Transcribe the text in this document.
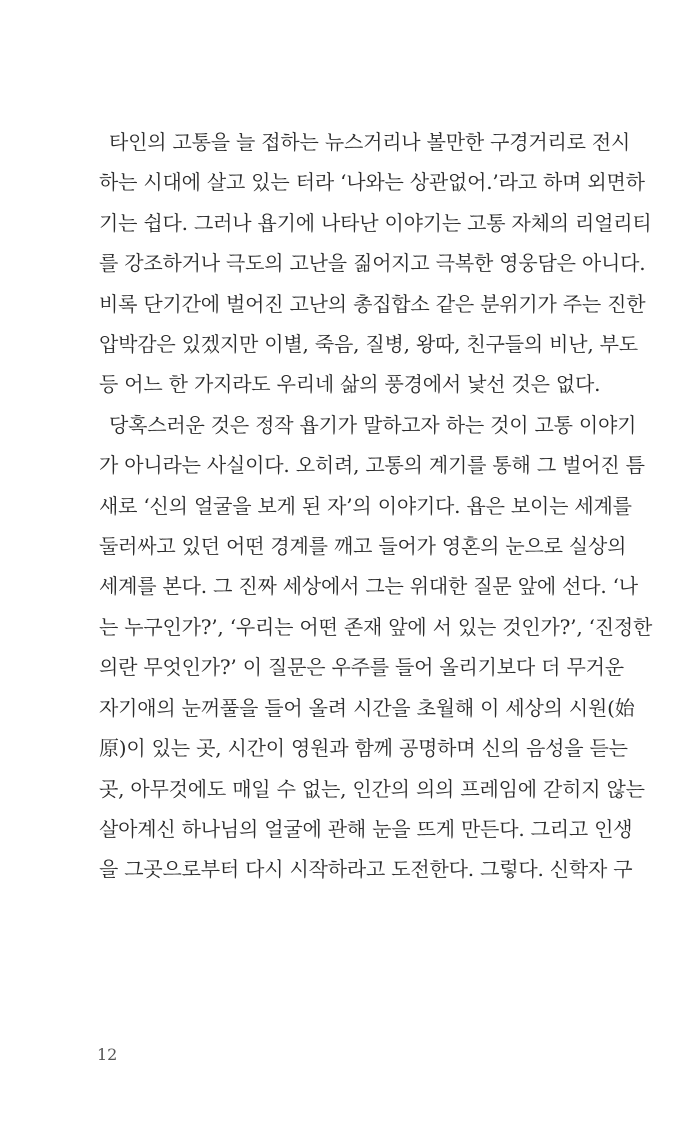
타인의 고통을 늘 접하는 뉴스거리나 볼만한 구경거리로 전시
하는 시대에 살고 있는 터라 ‘나와는 상관없어.’라고 하며 외면하
기는 쉽다. 그러나 욥기에 나타난 이야기는 고통 자체의 리얼리티
를 강조하거나 극도의 고난을 짊어지고 극복한 영웅담은 아니다.
비록 단기간에 벌어진 고난의 총집합소 같은 분위기가 주는 진한
압박감은 있겠지만 이별, 죽음, 질병, 왕따, 친구들의 비난, 부도
등 어느 한 가지라도 우리네 삶의 풍경에서 낯선 것은 없다.
당혹스러운 것은 정작 욥기가 말하고자 하는 것이 고통 이야기
가 아니라는 사실이다. 오히려, 고통의 계기를 통해 그 벌어진 틈
새로 ‘신의 얼굴을 보게 된 자’의 이야기다. 욥은 보이는 세계를
둘러싸고 있던 어떤 경계를 깨고 들어가 영혼의 눈으로 실상의
세계를 본다. 그 진짜 세상에서 그는 위대한 질문 앞에 선다. ‘나
는 누구인가?’, ‘우리는 어떤 존재 앞에 서 있는 것인가?’, ‘진정한
의란 무엇인가?’ 이 질문은 우주를 들어 올리기보다 더 무거운
자기애의 눈꺼풀을 들어 올려 시간을 초월해 이 세상의 시원(始
原)이 있는 곳, 시간이 영원과 함께 공명하며 신의 음성을 듣는
곳, 아무것에도 매일 수 없는, 인간의 의의 프레임에 갇히지 않는
살아계신 하나님의 얼굴에 관해 눈을 뜨게 만든다. 그리고 인생
을 그곳으로부터 다시 시작하라고 도전한다. 그렇다. 신학자 구
12
